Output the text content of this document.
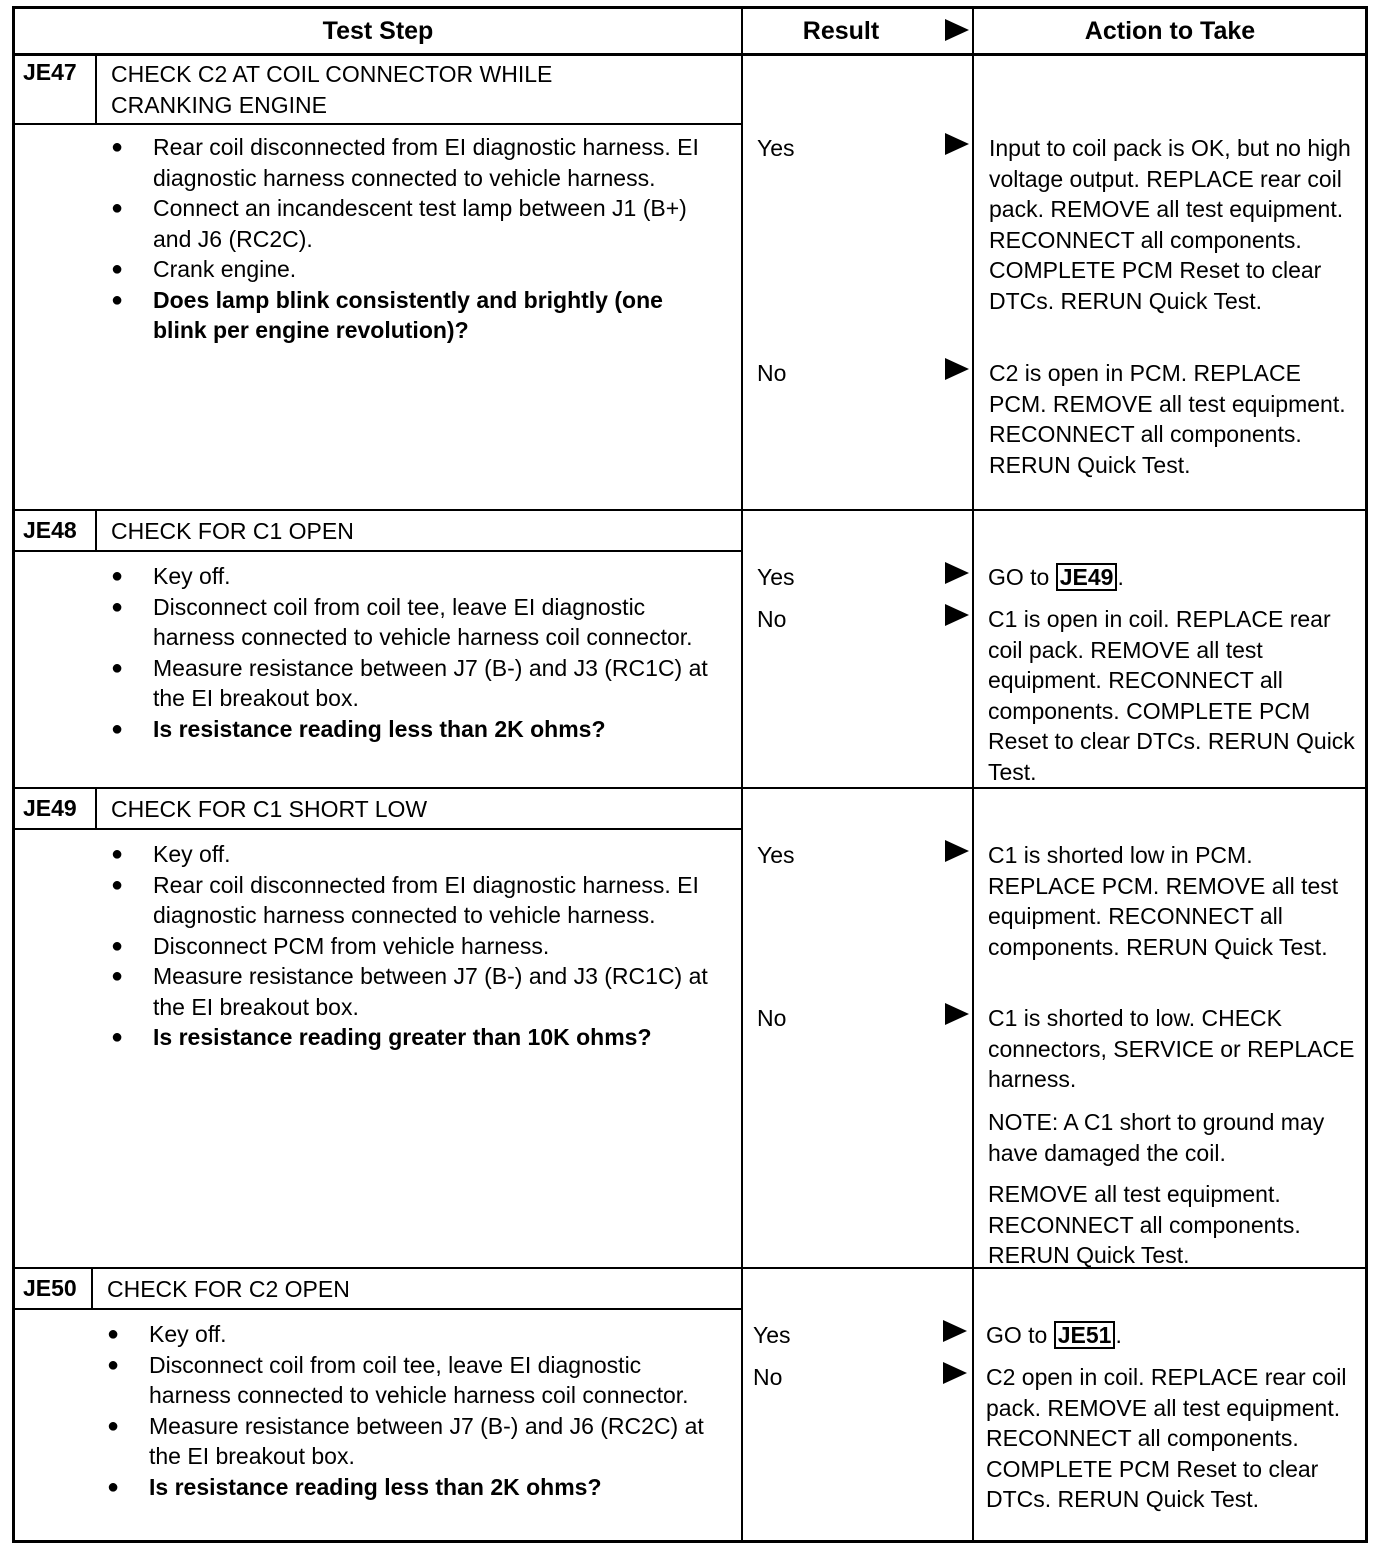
Test Step	Result	Action to Take
JE47	CHECK C2 AT COIL CONNECTOR WHILE CRANKING ENGINE
● Rear coil disconnected from EI diagnostic harness. EI diagnostic harness connected to vehicle harness.
● Connect an incandescent test lamp between J1 (B+) and J6 (RC2C).
● Crank engine.
● Does lamp blink consistently and brightly (one blink per engine revolution)?
Yes	Input to coil pack is OK, but no high voltage output. REPLACE rear coil pack. REMOVE all test equipment. RECONNECT all components. COMPLETE PCM Reset to clear DTCs. RERUN Quick Test.
No	C2 is open in PCM. REPLACE PCM. REMOVE all test equipment. RECONNECT all components. RERUN Quick Test.
JE48	CHECK FOR C1 OPEN
● Key off.
● Disconnect coil from coil tee, leave EI diagnostic harness connected to vehicle harness coil connector.
● Measure resistance between J7 (B-) and J3 (RC1C) at the EI breakout box.
● Is resistance reading less than 2K ohms?
Yes	GO to JE49 .
No	C1 is open in coil. REPLACE rear coil pack. REMOVE all test equipment. RECONNECT all components. COMPLETE PCM Reset to clear DTCs. RERUN Quick Test.
JE49	CHECK FOR C1 SHORT LOW
● Key off.
● Rear coil disconnected from EI diagnostic harness. EI diagnostic harness connected to vehicle harness.
● Disconnect PCM from vehicle harness.
● Measure resistance between J7 (B-) and J3 (RC1C) at the EI breakout box.
● Is resistance reading greater than 10K ohms?
Yes	C1 is shorted low in PCM. REPLACE PCM. REMOVE all test equipment. RECONNECT all components. RERUN Quick Test.
No	C1 is shorted to low. CHECK connectors, SERVICE or REPLACE harness.
NOTE: A C1 short to ground may have damaged the coil.
REMOVE all test equipment. RECONNECT all components. RERUN Quick Test.
JE50	CHECK FOR C2 OPEN
● Key off.
● Disconnect coil from coil tee, leave EI diagnostic harness connected to vehicle harness coil connector.
● Measure resistance between J7 (B-) and J6 (RC2C) at the EI breakout box.
● Is resistance reading less than 2K ohms?
Yes	GO to JE51 .
No	C2 open in coil. REPLACE rear coil pack. REMOVE all test equipment. RECONNECT all components. COMPLETE PCM Reset to clear DTCs. RERUN Quick Test.
